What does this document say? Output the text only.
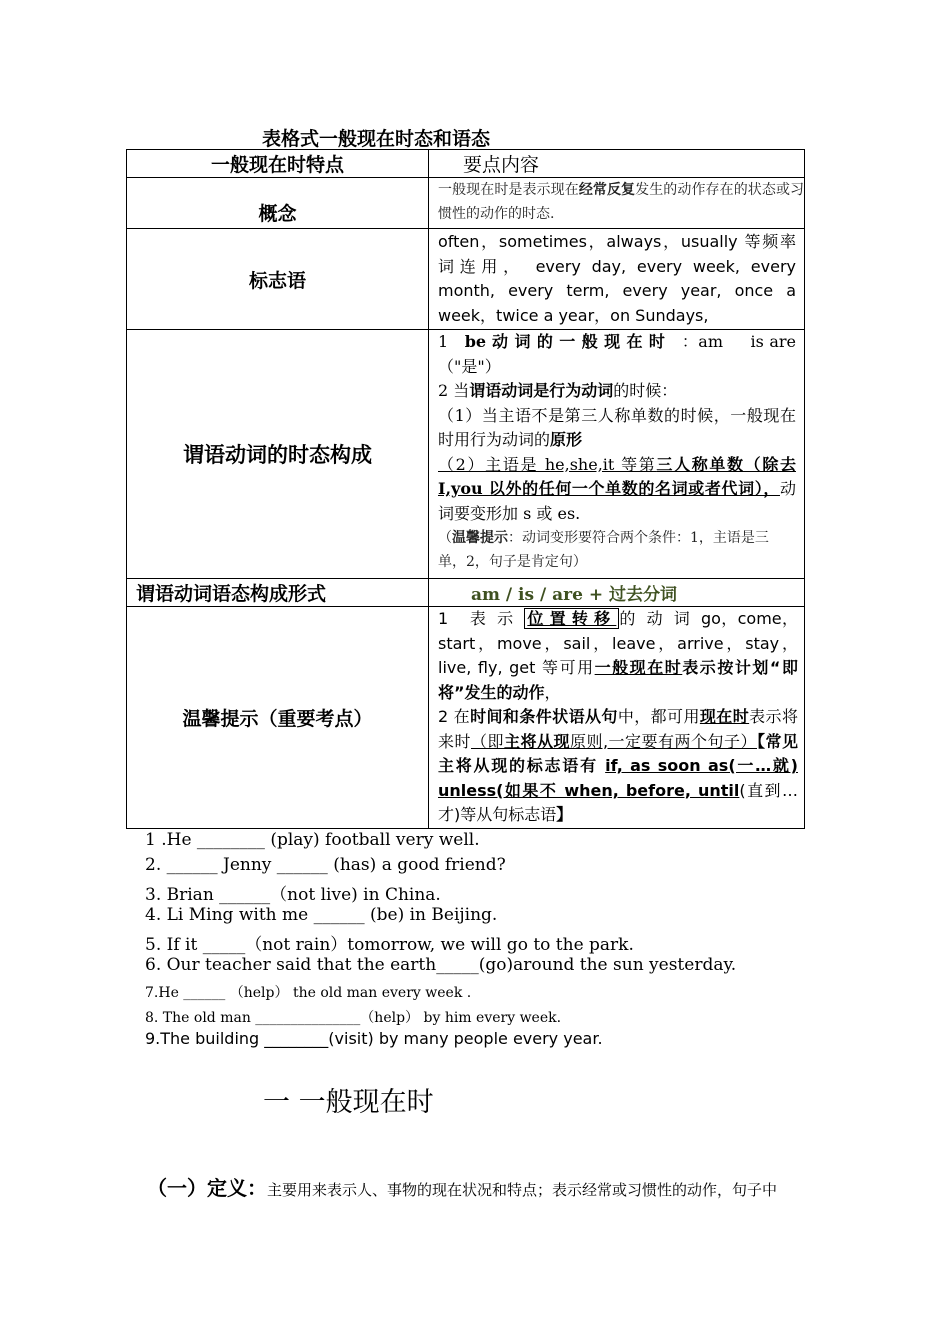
表格式一般现在时态和语态
一般现在时特点	要点内容
概念	一般现在时是表示现在经常反复发生的动作存在的状态或习惯性的动作的时态.
标志语	often，sometimes，always，usually 等频率词连用， every day, every week, every month, every term, every year, once a week，twice a year，on Sundays,
谓语动词的时态构成	1   be 动 词 的 一 般 现 在 时   ：am     is are（"是"）
2 当谓语动词是行为动词的时候：
（1）当主语不是第三人称单数的时候，一般现在时用行为动词的原形
（2）主语是 he,she,it 等第三人称单数（除去 I,you 以外的任何一个单数的名词或者代词），动词要变形加 s 或 es.
（温馨提示：动词变形要符合两个条件：1，主语是三单，2，句子是肯定句）

谓语动词语态构成形式	am / is / are + 过去分词
温馨提示（重要考点）	1    表  示  位 置 转 移 的  动  词  go，come，start，move，sail，leave，arrive，stay，live, fly, get 等可用一般现在时表示按计划“即将”发生的动作，
2 在时间和条件状语从句中，都可用现在时表示将来时（即主将从现原则,一定要有两个句子）【常见主将从现的标志语有 if, as soon as(一…就) unless(如果不 when, before, until(直到…才)等从句标志语】
1 .He ________ (play) football very well.
2. ______ Jenny ______ (has) a good friend?
3. Brian ______（not live) in China.
4. Li Ming with me ______ (be) in Beijing.
5. If it _____（not rain）tomorrow, we will go to the park.
6. Our teacher said that the earth_____(go)around the sun yesterday.
7.He ______ （help） the old man every week .
8. The old man _______________（help） by him every week.
9.The building ________(visit) by many people every year.
一 一般现在时
（一）定义：主要用来表示人、事物的现在状况和特点；表示经常或习惯性的动作，句子中
